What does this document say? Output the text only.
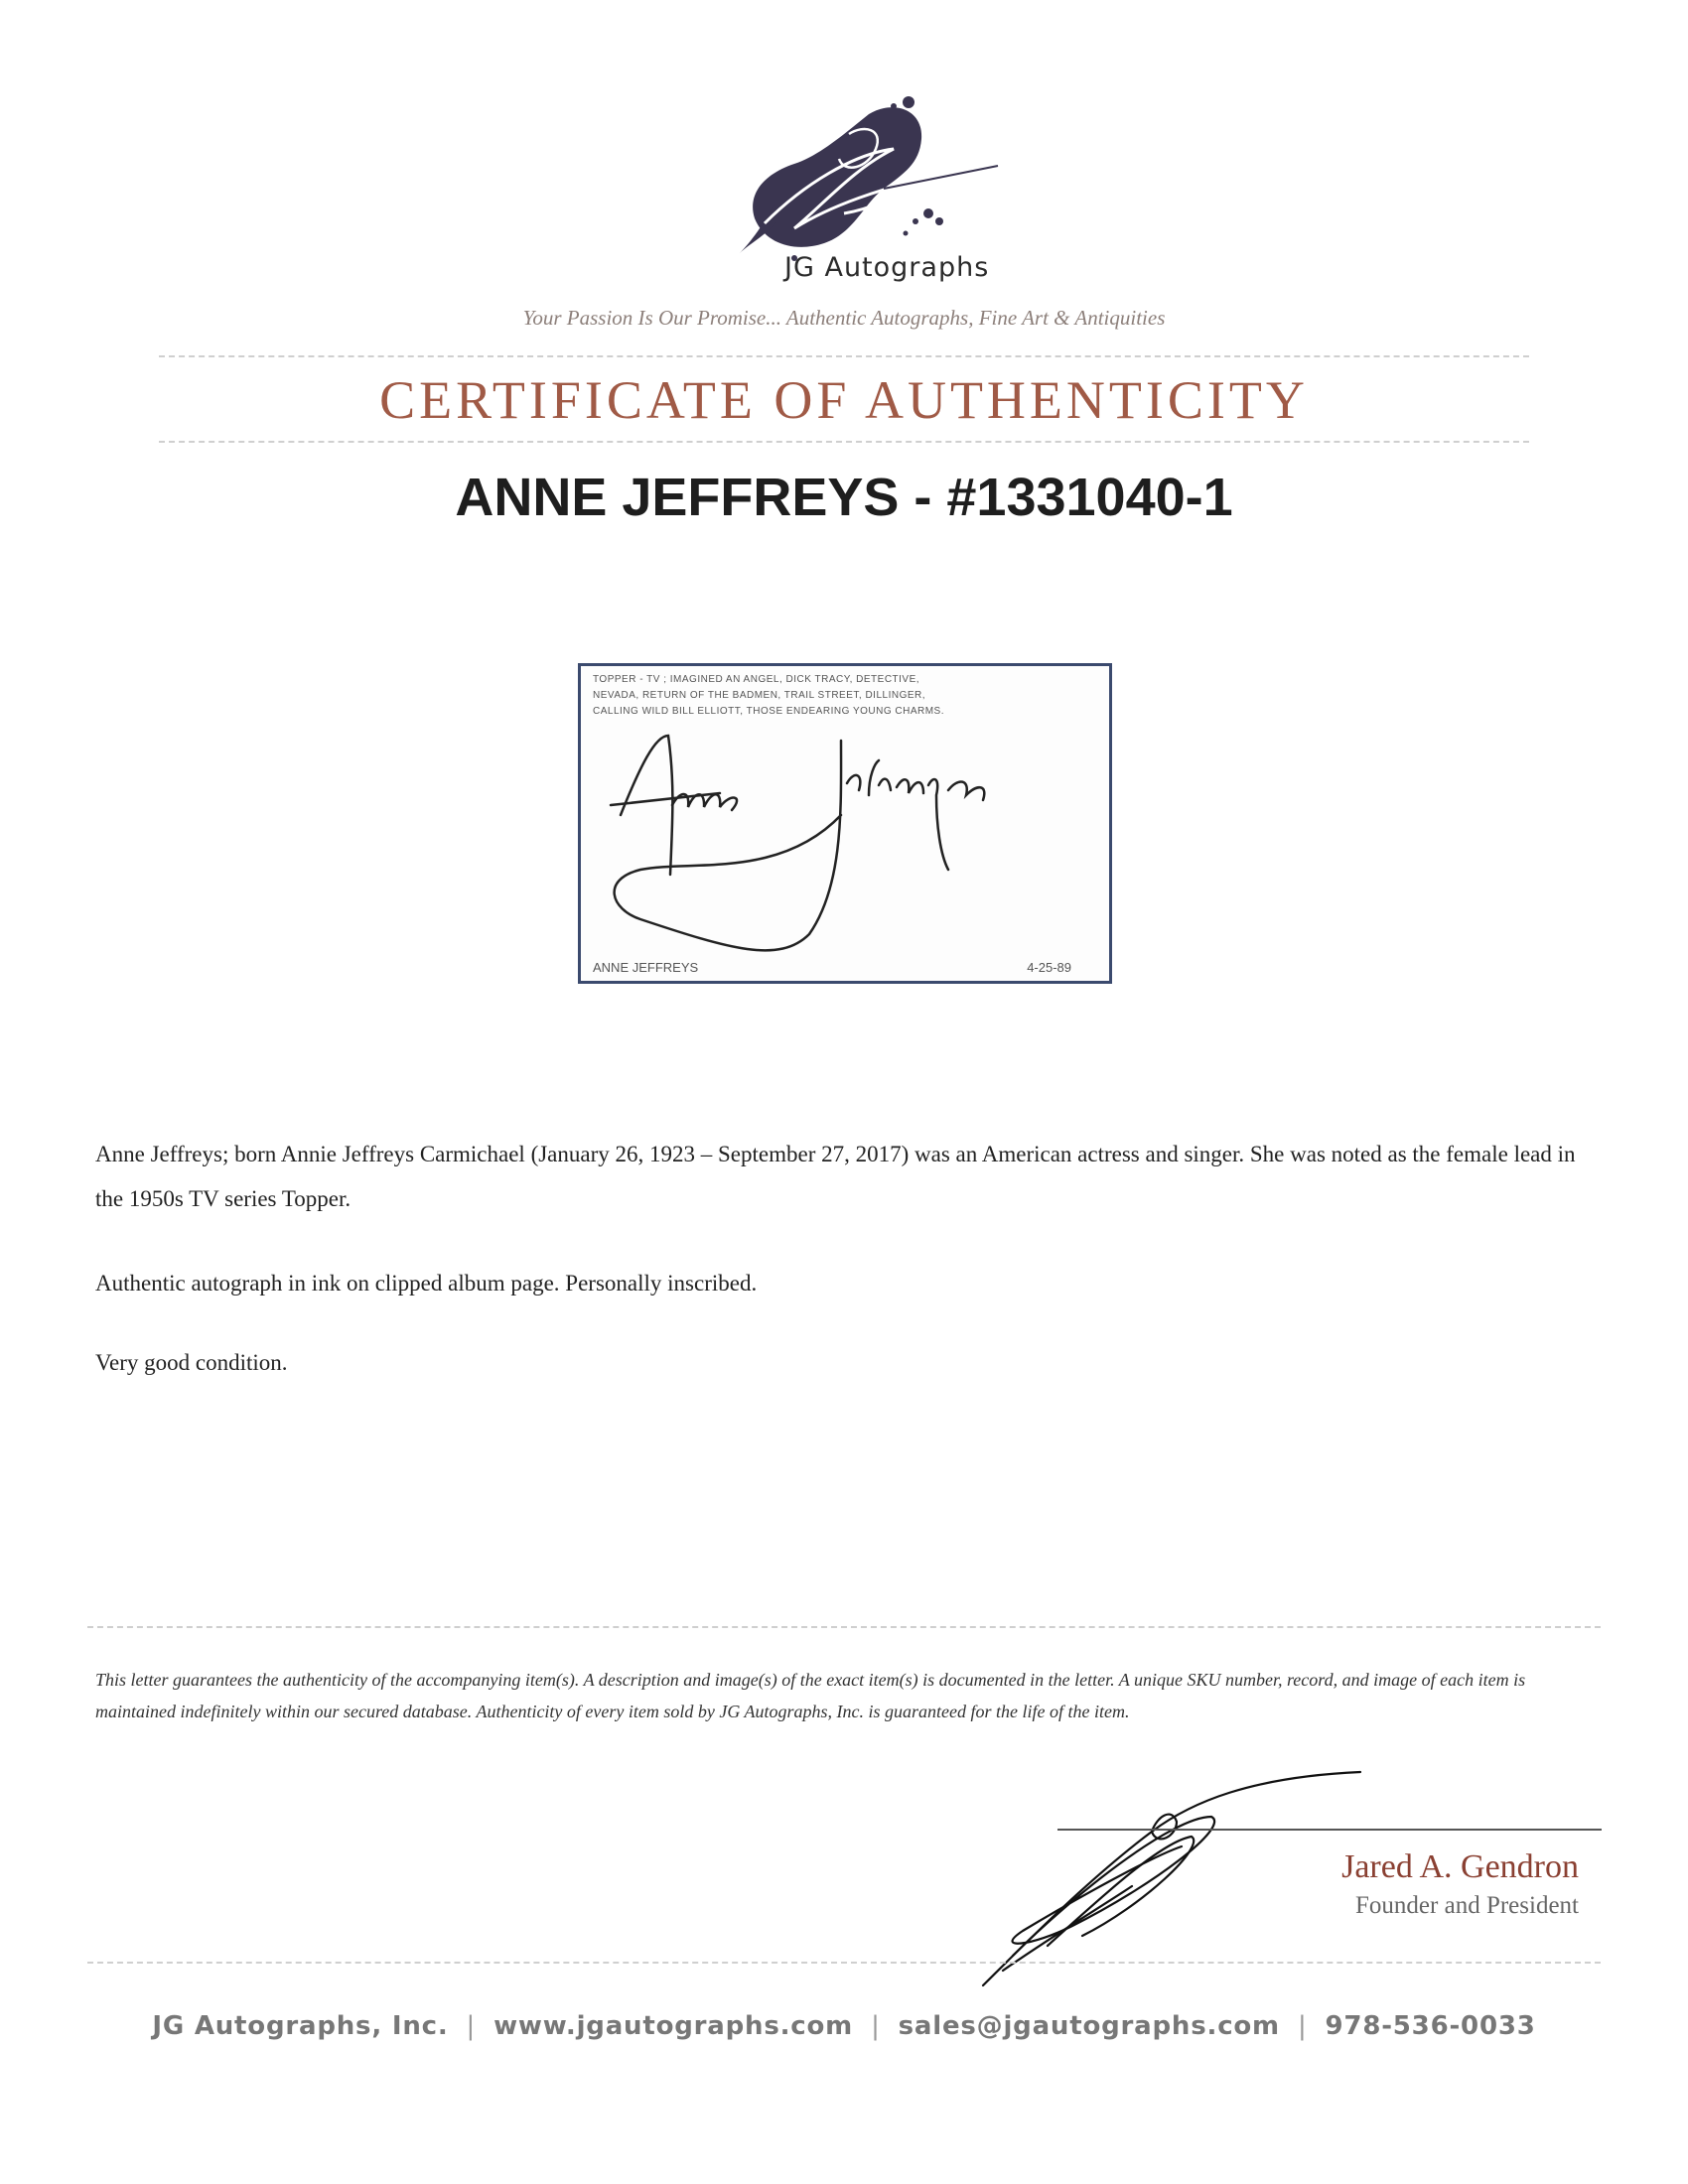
JG Autographs
Your Passion Is Our Promise... Authentic Autographs, Fine Art & Antiquities
CERTIFICATE OF AUTHENTICITY
ANNE JEFFREYS - #1331040-1
TOPPER - TV ; IMAGINED AN ANGEL, DICK TRACY, DETECTIVE,
NEVADA, RETURN OF THE BADMEN, TRAIL STREET, DILLINGER,
CALLING WILD BILL ELLIOTT, THOSE ENDEARING YOUNG CHARMS.
ANNE JEFFREYS	4-25-89
Anne Jeffreys; born Annie Jeffreys Carmichael (January 26, 1923 – September 27, 2017) was an American actress and singer. She was noted as the female lead in the 1950s TV series Topper.
Authentic autograph in ink on clipped album page. Personally inscribed.
Very good condition.
This letter guarantees the authenticity of the accompanying item(s). A description and image(s) of the exact item(s) is documented in the letter. A unique SKU number, record, and image of each item is maintained indefinitely within our secured database. Authenticity of every item sold by JG Autographs, Inc. is guaranteed for the life of the item.
Jared A. Gendron
Founder and President
JG Autographs, Inc. | www.jgautographs.com | sales@jgautographs.com | 978-536-0033
